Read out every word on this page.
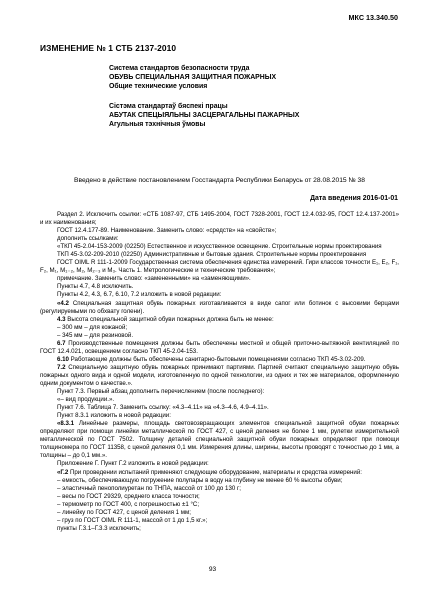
МКС 13.340.50
ИЗМЕНЕНИЕ № 1 СТБ 2137-2010
Система стандартов безопасности труда
ОБУВЬ СПЕЦИАЛЬНАЯ ЗАЩИТНАЯ ПОЖАРНЫХ
Общие технические условия
Сістэма стандартаў бяспекі працы
АБУТАК СПЕЦЫЯЛЬНЫ ЗАСЦЕРАГАЛЬНЫ ПАЖАРНЫХ
Агульныя тэхнічныя ўмовы
Введено в действие постановлением Госстандарта Республики Беларусь от 28.08.2015 № 38
Дата введения 2016-01-01

Раздел 2. Исключить ссылки: «СТБ 1087-97, СТБ 1495-2004, ГОСТ 7328-2001, ГОСТ 12.4.032-95, ГОСТ 12.4.137-2001» и их наименования;

ГОСТ 12.4.177-89. Наименование. Заменить слово: «средств» на «свойств»;

дополнить ссылками:

«ТКП 45-2.04-153-2009 (02250) Естественное и искусственное освещение. Строительные нормы проектирования

ТКП 45-3.02-209-2010 (02250) Административные и бытовые здания. Строительные нормы проектирования

ГОСТ OIML R 111-1-2009 Государственная система обеспечения единства измерений. Гири классов точности E₁, E₂, F₁, F₂, M₁, M₁₋₂, M₂, M₂₋₃ и M₃. Часть 1. Метрологические и технические требования»;

примечание. Заменить слово: «замененными» на «заменяющими».

Пункты 4.7, 4.8 исключить.

Пункты 4.2, 4.3, 6.7, 6.10, 7.2 изложить в новой редакции:

«4.2 Специальная защитная обувь пожарных изготавливается в виде сапог или ботинок с высокими берцами (регулируемыми по обхвату голени).

4.3 Высота специальной защитной обуви пожарных должна быть не менее:

– 300 мм – для кожаной;

– 345 мм – для резиновой.

6.7 Производственные помещения должны быть обеспечены местной и общей приточно-вытяжной вентиляцией по ГОСТ 12.4.021, освещением согласно ТКП 45-2.04-153.

6.10 Работающие должны быть обеспечены санитарно-бытовыми помещениями согласно ТКП 45-3.02-209.

7.2 Специальную защитную обувь пожарных принимают партиями. Партией считают специальную защитную обувь пожарных одного вида и одной модели, изготовленную по одной технологии, из одних и тех же материалов, оформленную одним документом о качестве.».

Пункт 7.3. Первый абзац дополнить перечислением (после последнего):

«– вид продукции.».

Пункт 7.6. Таблица 7. Заменить ссылку: «4.3–4.11» на «4.3–4.6, 4.9–4.11».

Пункт 8.3.1 изложить в новой редакции:

«8.3.1 Линейные размеры, площадь световозвращающих элементов специальной защитной обуви пожарных определяют при помощи линейки металлической по ГОСТ 427, с ценой деления не более 1 мм, рулетки измерительной металлической по ГОСТ 7502. Толщину деталей специальной защитной обуви пожарных определяют при помощи толщиномера по ГОСТ 11358, с ценой деления 0,1 мм. Измерения длины, ширины, высоты проводят с точностью до 1 мм, а толщины – до 0,1 мм.».

Приложение Г. Пункт Г.2 изложить в новой редакции:

«Г.2 При проведении испытаний применяют следующие оборудование, материалы и средства измерений:

– емкость, обеспечивающую погружение полупары в воду на глубину не менее 60 % высоты обуви;

– эластичный пенополиуретан по ТНПА, массой от 100 до 130 г;

– весы по ГОСТ 29329, среднего класса точности;

– термометр по ГОСТ 400, с погрешностью ±1 °С;

– линейку по ГОСТ 427, с ценой деления 1 мм;

– груз по ГОСТ OIML R 111-1, массой от 1 до 1,5 кг.»;

пункты Г.3.1–Г.3.3 исключить;

93
